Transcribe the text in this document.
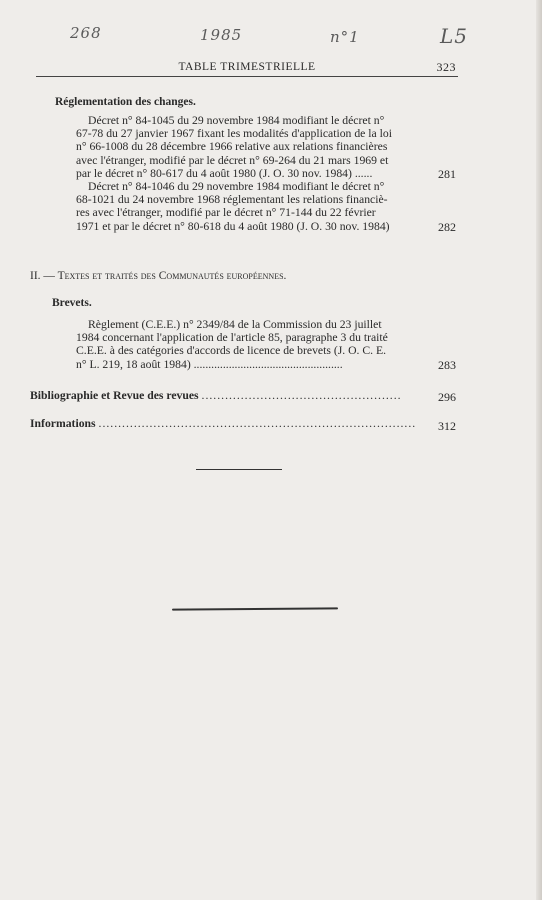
268	1985	n°1	L5
TABLE TRIMESTRIELLE	323
Réglementation des changes.
Décret n° 84-1045 du 29 novembre 1984 modifiant le décret n°
67-78 du 27 janvier 1967 fixant les modalités d'application de la loi
n° 66-1008 du 28 décembre 1966 relative aux relations financières
avec l'étranger, modifié par le décret n° 69-264 du 21 mars 1969 et
par le décret n° 80-617 du 4 août 1980 (J. O. 30 nov. 1984) ......	281
Décret n° 84-1046 du 29 novembre 1984 modifiant le décret n°
68-1021 du 24 novembre 1968 réglementant les relations financiè-
res avec l'étranger, modifié par le décret n° 71-144 du 22 février
1971 et par le décret n° 80-618 du 4 août 1980 (J. O. 30 nov. 1984)	282
II. — Textes et traités des Communautés européennes.
Brevets.
Règlement (C.E.E.) n° 2349/84 de la Commission du 23 juillet
1984 concernant l'application de l'article 85, paragraphe 3 du traité
C.E.E. à des catégories d'accords de licence de brevets (J. O. C. E.
n° L. 219, 18 août 1984) ...................................................	283
Bibliographie et Revue des revues ...................................................	296
Informations .................................................................................	312
